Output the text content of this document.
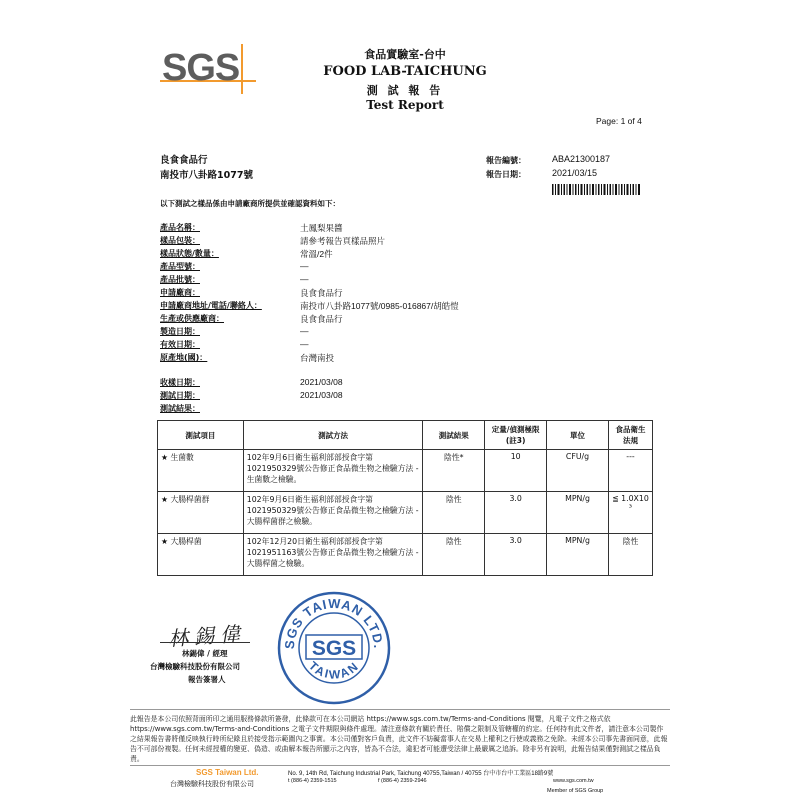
SGS	食品實驗室-台中
FOOD LAB-TAICHUNG
測 試 報 告
Test Report
Page: 1 of 4
良食食品行
南投市八卦路1077號
報告編號：	ABA21300187
報告日期：	2021/03/15
以下測試之樣品係由申請廠商所提供並確認資料如下：
產品名稱：	土鳳梨果醬
樣品包裝：	請參考報告頁樣品照片
樣品狀態/數量：	常溫/2件
產品型號：	—
產品批號：	—
申請廠商：	良食食品行
申請廠商地址/電話/聯絡人：	南投市八卦路1077號/0985-016867/胡皓愷
生產或供應廠商：	良食食品行
製造日期：	—
有效日期：	—
原產地(國)：	台灣南投
收樣日期：	2021/03/08
測試日期：	2021/03/08
測試結果：
測試項目	測試方法	測試結果	定量/偵測極限(註3)	單位	食品衛生法規
★ 生菌數	102年9月6日衛生福利部部授食字第1021950329號公告修正食品微生物之檢驗方法 - 生菌數之檢驗。	陰性*	10	CFU/g	---
★ 大腸桿菌群	102年9月6日衛生福利部部授食字第1021950329號公告修正食品微生物之檢驗方法 - 大腸桿菌群之檢驗。	陰性	3.0	MPN/g	≦ 1.0X10 ³
★ 大腸桿菌	102年12月20日衛生福利部部授食字第1021951163號公告修正食品微生物之檢驗方法 - 大腸桿菌之檢驗。	陰性	3.0	MPN/g	陰性
林錫偉
林錫偉 / 經理
台灣檢驗科技股份有限公司
報告簽署人
SGS TAIWAN LTD.
TAIWAN
SGS
此報告是本公司依照背面所印之通用服務條款所簽發，此條款可在本公司網站 https://www.sgs.com.tw/Terms-and-Conditions 閱覽，凡電子文件之格式依 https://www.sgs.com.tw/Terms-and-Conditions 之電子文件期限與條件處理。請注意條款有關於責任、賠償之限制及管轄權的約定。任何持有此文件者，請注意本公司製作之結果報告書將僅反映執行時所紀錄且於接受指示範圍內之事實。本公司僅對客戶負責，此文件不妨礙當事人在交易上權利之行使或義務之免除。未經本公司事先書面同意，此報告不可部份複製。任何未經授權的變更、偽造、或曲解本報告所顯示之內容，皆為不合法，違犯者可能遭受法律上最嚴厲之追訴。除非另有說明，此報告結果僅對測試之樣品負責。
SGS Taiwan Ltd.
台灣檢驗科技股份有限公司
No. 9, 14th Rd, Taichung Industrial Park, Taichung 40755,Taiwan / 40755 台中市台中工業區18路9號
t (886-4) 2359-1515	f (886-4) 2359-2946	www.sgs.com.tw
Member of SGS Group
